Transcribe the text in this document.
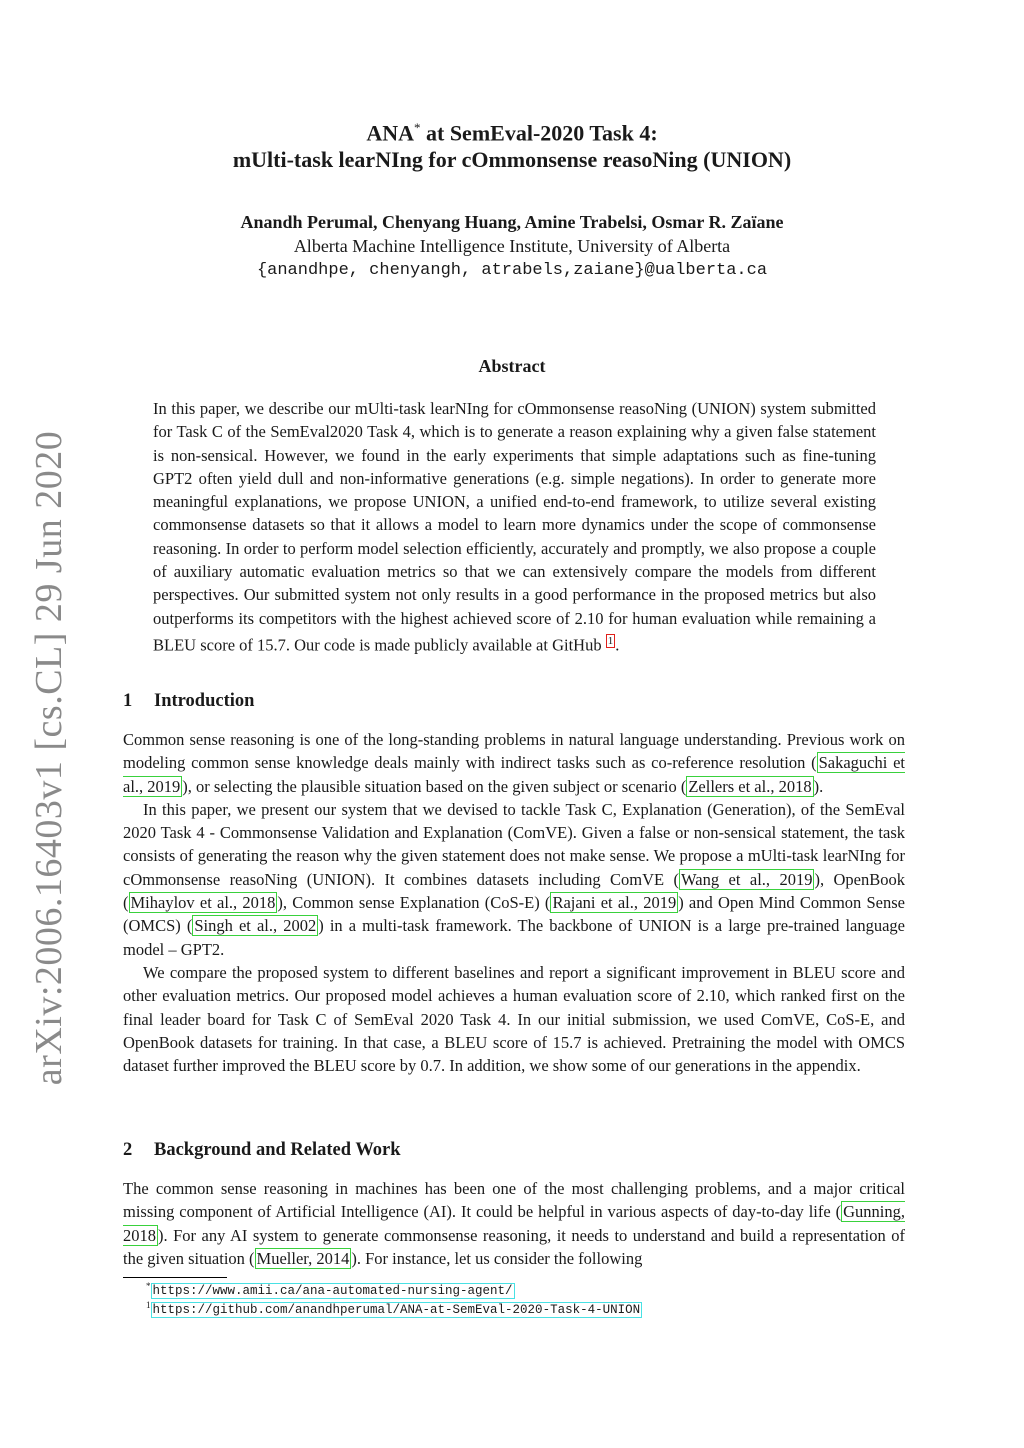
arXiv:2006.16403v1 [cs.CL] 29 Jun 2020
ANA* at SemEval-2020 Task 4:
mUlti-task learNIng for cOmmonsense reasoNing (UNION)
Anandh Perumal, Chenyang Huang, Amine Trabelsi, Osmar R. Zaïane
Alberta Machine Intelligence Institute, University of Alberta
{anandhpe, chenyangh, atrabels,zaiane}@ualberta.ca
Abstract
In this paper, we describe our mUlti-task learNIng for cOmmonsense reasoNing (UNION) system submitted for Task C of the SemEval2020 Task 4, which is to generate a reason explaining why a given false statement is non-sensical. However, we found in the early experiments that simple adaptations such as fine-tuning GPT2 often yield dull and non-informative generations (e.g. simple negations). In order to generate more meaningful explanations, we propose UNION, a unified end-to-end framework, to utilize several existing commonsense datasets so that it allows a model to learn more dynamics under the scope of commonsense reasoning. In order to perform model selection efficiently, accurately and promptly, we also propose a couple of auxiliary automatic evaluation metrics so that we can extensively compare the models from different perspectives. Our submitted system not only results in a good performance in the proposed metrics but also outperforms its competitors with the highest achieved score of 2.10 for human evaluation while remaining a BLEU score of 15.7. Our code is made publicly available at GitHub $^1$ .
1 Introduction

Common sense reasoning is one of the long-standing problems in natural language understanding. Previous work on modeling common sense knowledge deals mainly with indirect tasks such as co-reference resolution ( Sakaguchi et al., 2019 ), or selecting the plausible situation based on the given subject or scenario ( Zellers et al., 2018 ).

In this paper, we present our system that we devised to tackle Task C, Explanation (Generation), of the SemEval 2020 Task 4 - Commonsense Validation and Explanation (ComVE). Given a false or non-sensical statement, the task consists of generating the reason why the given statement does not make sense. We propose a mUlti-task learNIng for cOmmonsense reasoNing (UNION). It combines datasets including ComVE ( Wang et al., 2019 ), OpenBook ( Mihaylov et al., 2018 ), Common sense Explanation (CoS-E) ( Rajani et al., 2019 ) and Open Mind Common Sense (OMCS) ( Singh et al., 2002 ) in a multi-task framework. The backbone of UNION is a large pre-trained language model – GPT2.

We compare the proposed system to different baselines and report a significant improvement in BLEU score and other evaluation metrics. Our proposed model achieves a human evaluation score of 2.10, which ranked first on the final leader board for Task C of SemEval 2020 Task 4. In our initial submission, we used ComVE, CoS-E, and OpenBook datasets for training. In that case, a BLEU score of 15.7 is achieved. Pretraining the model with OMCS dataset further improved the BLEU score by 0.7. In addition, we show some of our generations in the appendix.

2 Background and Related Work

The common sense reasoning in machines has been one of the most challenging problems, and a major critical missing component of Artificial Intelligence (AI). It could be helpful in various aspects of day-to-day life ( Gunning, 2018 ). For any AI system to generate commonsense reasoning, it needs to understand and build a representation of the given situation ( Mueller, 2014 ). For instance, let us consider the following

* https://www.amii.ca/ana-automated-nursing-agent/
$^1$ https://github.com/anandhperumal/ANA-at-SemEval-2020-Task-4-UNION
